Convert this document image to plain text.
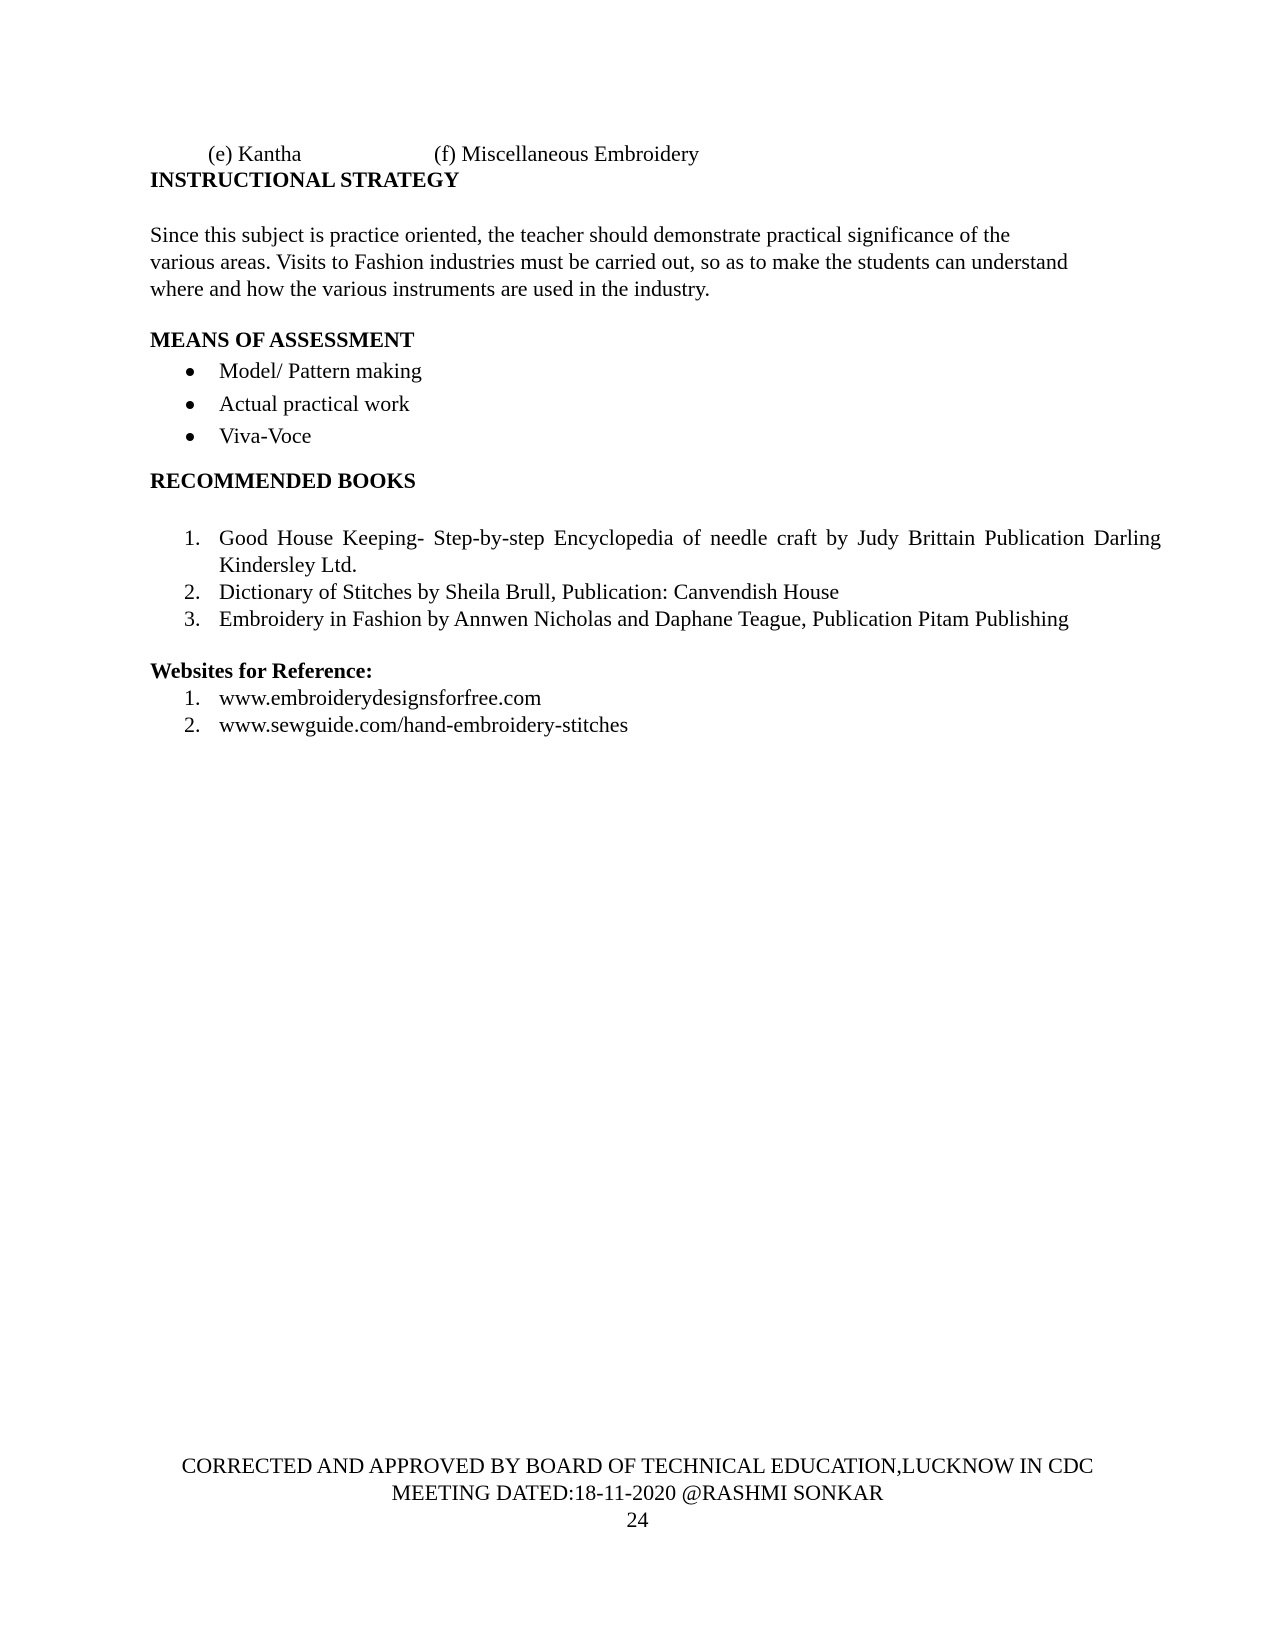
(e) Kantha	(f) Miscellaneous Embroidery
INSTRUCTIONAL STRATEGY
Since this subject is practice oriented, the teacher should demonstrate practical significance of the
various areas. Visits to Fashion industries must be carried out, so as to make the students can understand
where and how the various instruments are used in the industry.
MEANS OF ASSESSMENT
Model/ Pattern making
Actual practical work
Viva-Voce
RECOMMENDED BOOKS
1. Good House Keeping- Step-by-step Encyclopedia of needle craft by Judy Brittain Publication Darling Kindersley Ltd.
2. Dictionary of Stitches by Sheila Brull, Publication: Canvendish House
3. Embroidery in Fashion by Annwen Nicholas and Daphane Teague, Publication Pitam Publishing
Websites for Reference:
1. www.embroiderydesignsforfree.com
2. www.sewguide.com/hand-embroidery-stitches
CORRECTED AND APPROVED BY BOARD OF TECHNICAL EDUCATION,LUCKNOW IN CDC
MEETING DATED:18-11-2020 @RASHMI SONKAR
24
